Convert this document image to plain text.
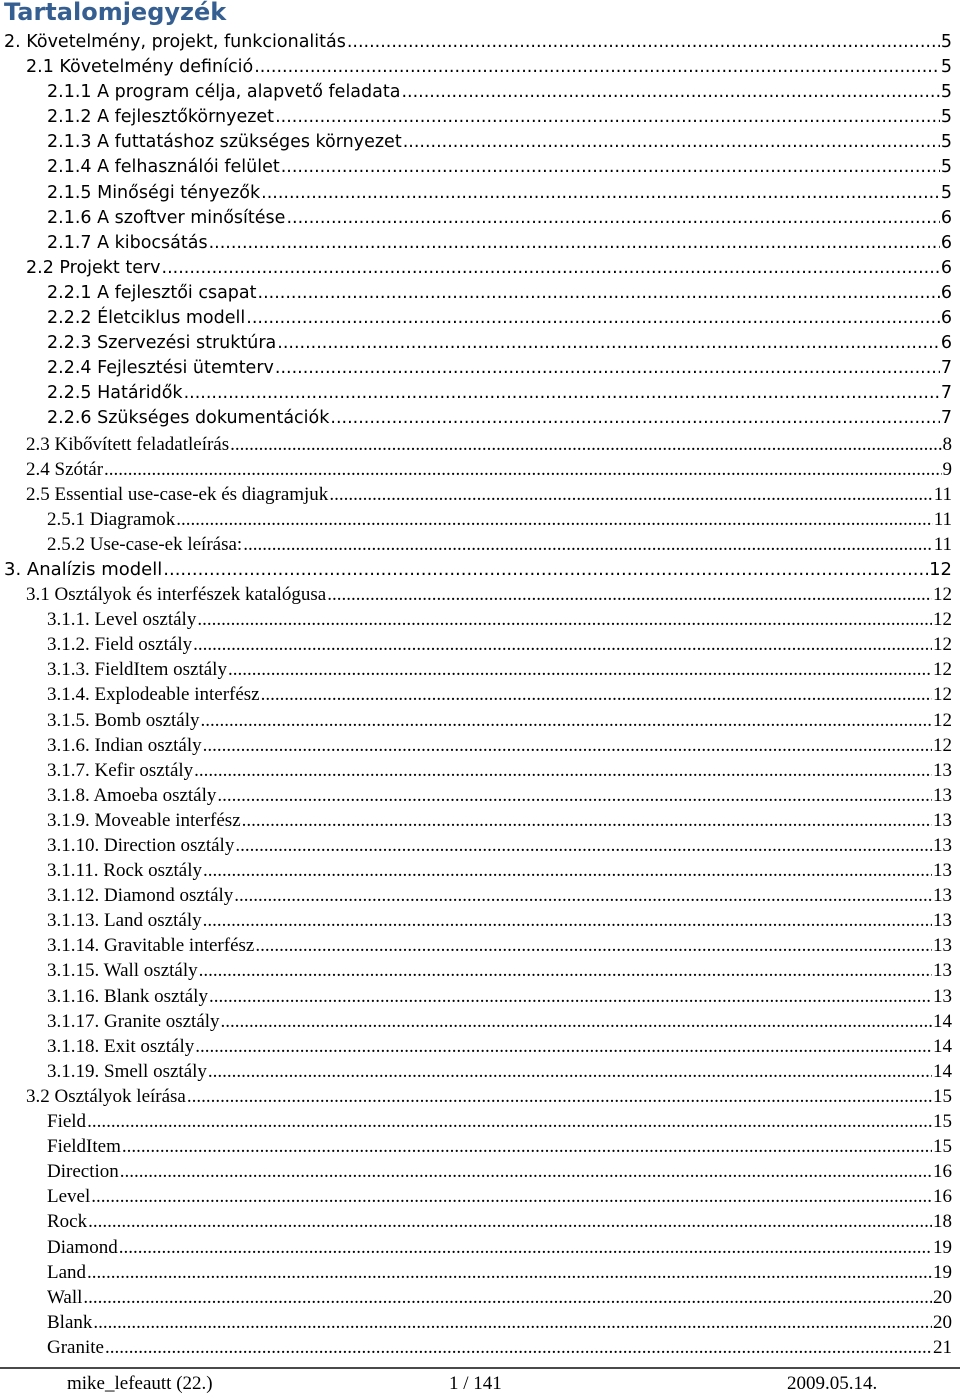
Tartalomjegyzék
2. Követelmény, projekt, funkcionalitás .....	5
2.1 Követelmény definíció .....	5
2.1.1 A program célja, alapvető feladata .....	5
2.1.2 A fejlesztőkörnyezet .....	5
2.1.3 A futtatáshoz szükséges környezet .....	5
2.1.4 A felhasználói felület .....	5
2.1.5 Minőségi tényezők .....	5
2.1.6 A szoftver minősítése .....	6
2.1.7 A kibocsátás .....	6
2.2 Projekt terv .....	6
2.2.1 A fejlesztői csapat .....	6
2.2.2 Életciklus modell .....	6
2.2.3 Szervezési struktúra .....	6
2.2.4 Fejlesztési ütemterv .....	7
2.2.5 Határidők .....	7
2.2.6 Szükséges dokumentációk .....	7
2.3 Kibővített feladatleírás .....	8
2.4 Szótár .....	9
2.5 Essential use-case-ek és diagramjuk .....	11
2.5.1 Diagramok .....	11
2.5.2 Use-case-ek leírása: .....	11
3. Analízis modell .....	12
3.1 Osztályok és interfészek katalógusa .....	12
3.1.1. Level osztály .....	12
3.1.2. Field osztály .....	12
3.1.3. FieldItem osztály .....	12
3.1.4. Explodeable interfész .....	12
3.1.5. Bomb osztály .....	12
3.1.6. Indian osztály .....	12
3.1.7. Kefir osztály .....	13
3.1.8. Amoeba osztály .....	13
3.1.9. Moveable interfész .....	13
3.1.10. Direction osztály .....	13
3.1.11. Rock osztály .....	13
3.1.12. Diamond osztály .....	13
3.1.13. Land osztály .....	13
3.1.14. Gravitable interfész .....	13
3.1.15. Wall osztály .....	13
3.1.16. Blank osztály .....	13
3.1.17. Granite osztály .....	14
3.1.18. Exit osztály .....	14
3.1.19. Smell osztály .....	14
3.2 Osztályok leírása .....	15
Field .....	15
FieldItem .....	15
Direction .....	16
Level .....	16
Rock .....	18
Diamond .....	19
Land .....	19
Wall .....	20
Blank .....	20
Granite .....	21
mike_lefeautt (22.)	1 / 141	2009.05.14.
